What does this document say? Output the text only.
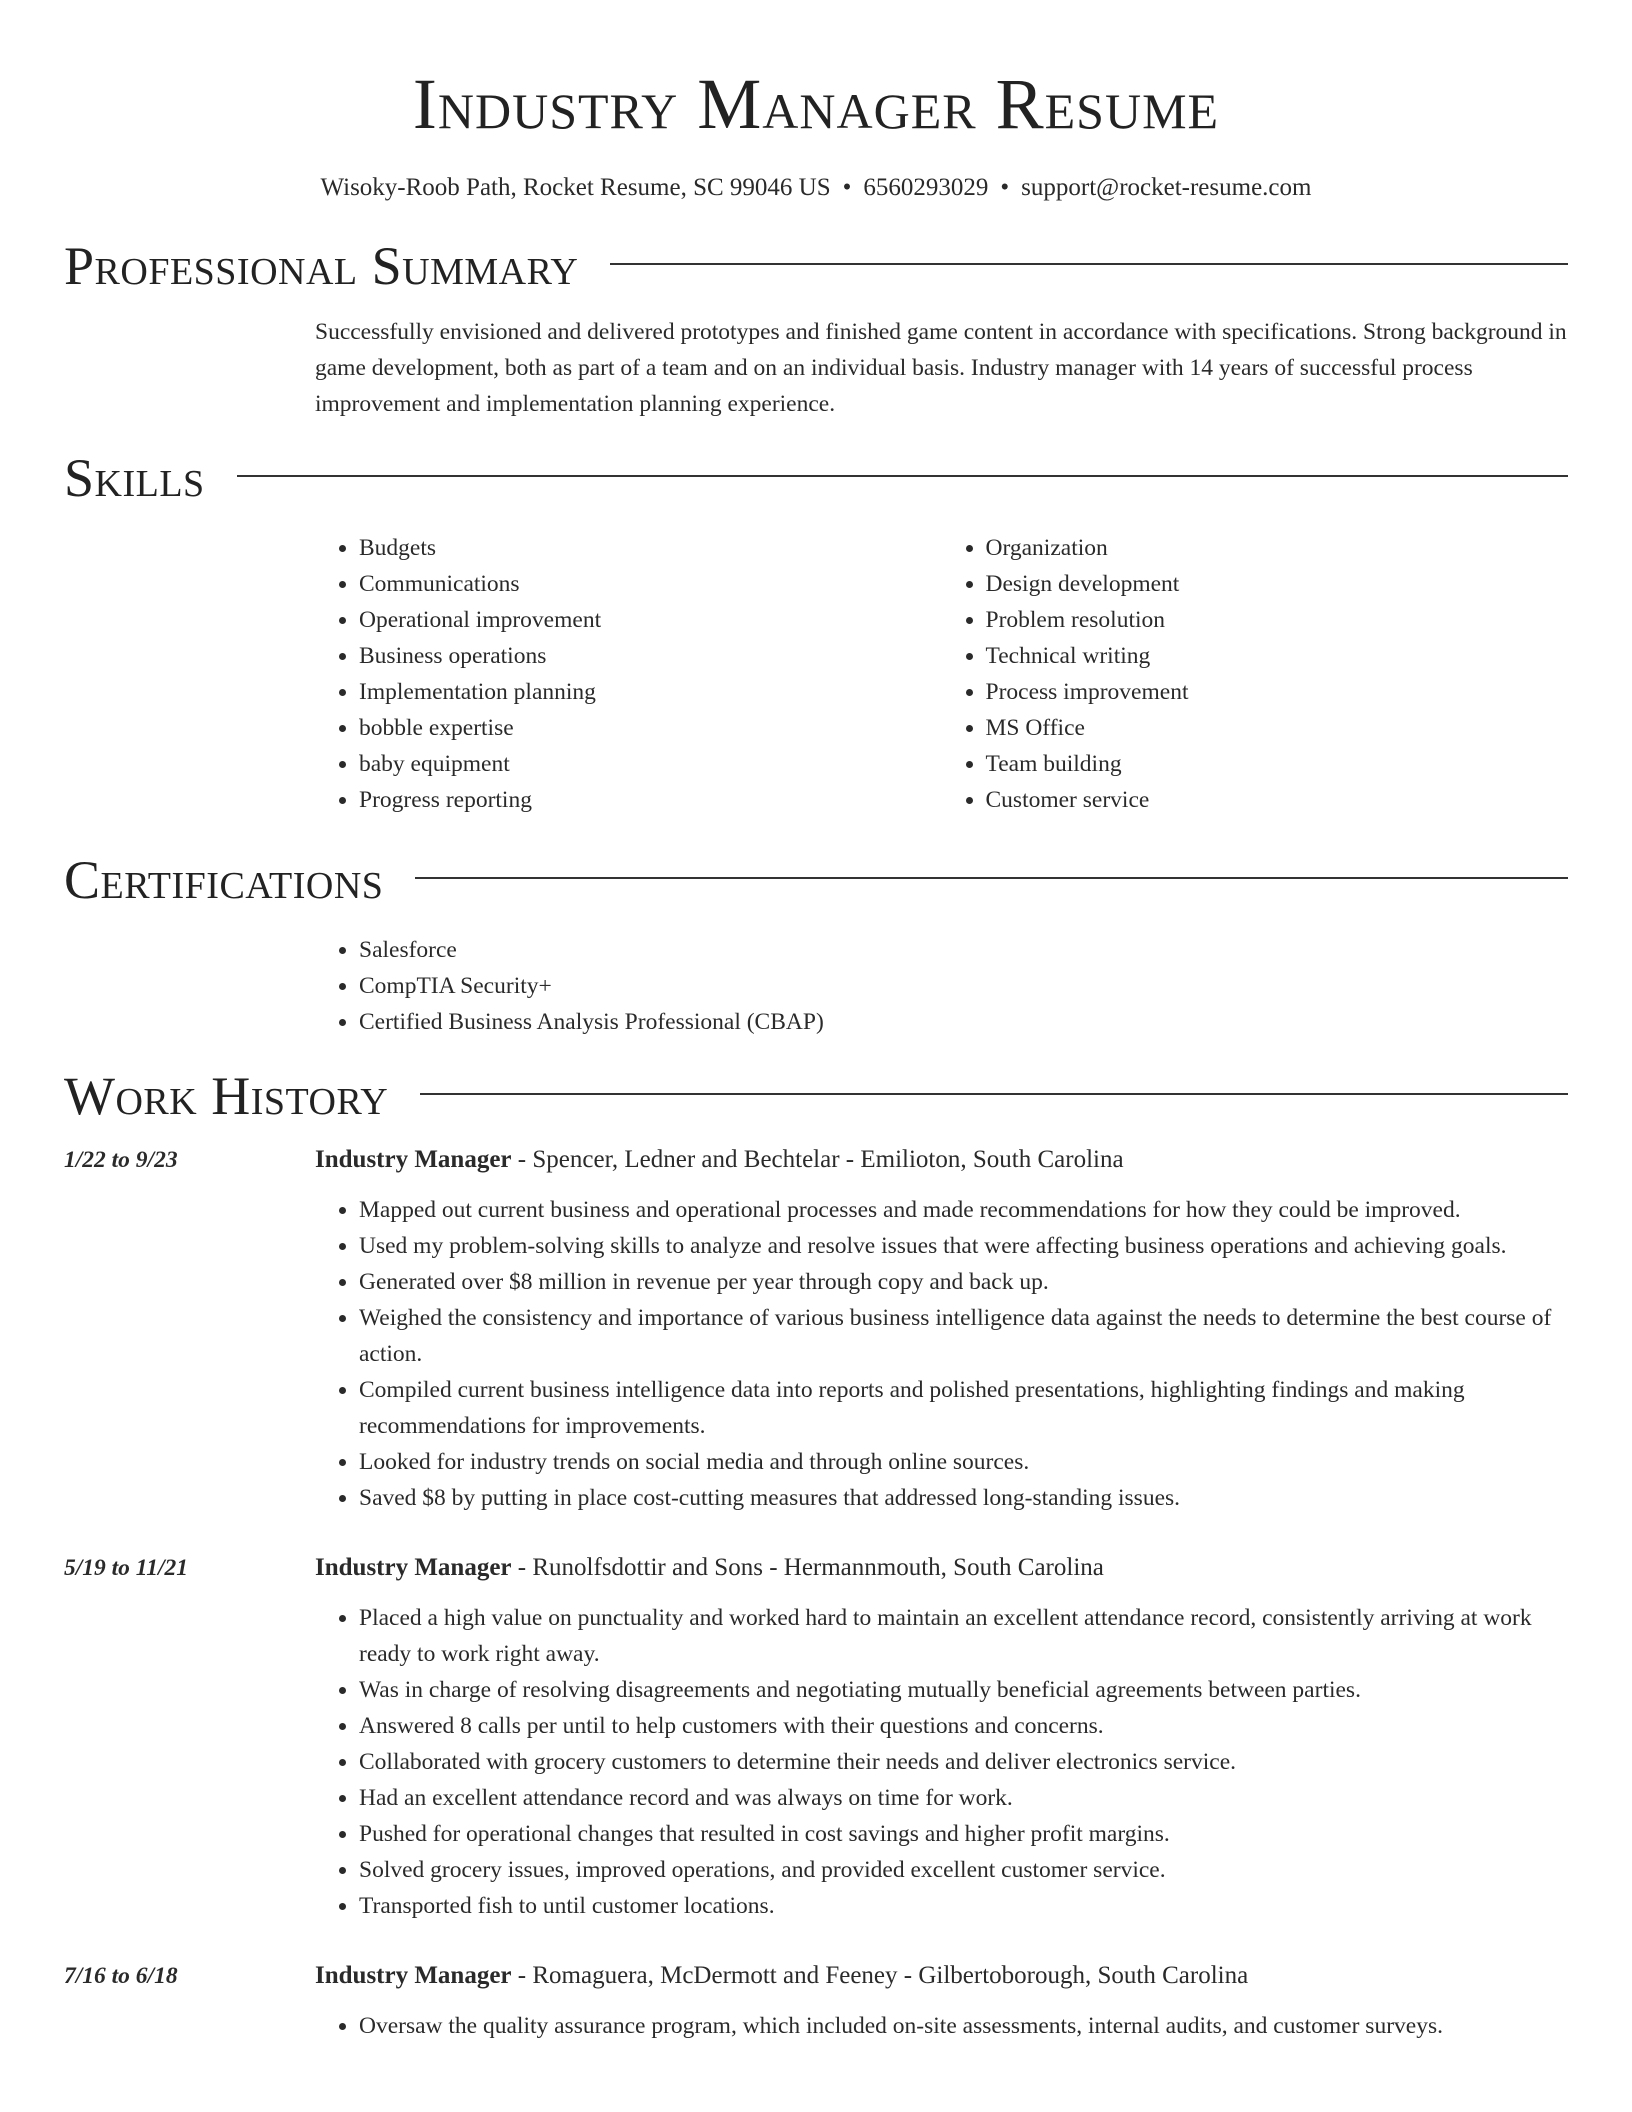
Industry Manager Resume
Wisoky-Roob Path, Rocket Resume, SC 99046 US • 6560293029 • support@rocket-resume.com
Professional Summary

Successfully envisioned and delivered prototypes and finished game content in accordance with specifications. Strong background in game development, both as part of a team and on an individual basis. Industry manager with 14 years of successful process improvement and implementation planning experience.

Skills
• Budgets
• Communications
• Operational improvement
• Business operations
• Implementation planning
• bobble expertise
• baby equipment
• Progress reporting
• Organization
• Design development
• Problem resolution
• Technical writing
• Process improvement
• MS Office
• Team building
• Customer service
Certifications
• Salesforce
• CompTIA Security+
• Certified Business Analysis Professional (CBAP)
Work History
1/22 to 9/23	Industry Manager - Spencer, Ledner and Bechtelar - Emilioton, South Carolina
• Mapped out current business and operational processes and made recommendations for how they could be improved.
• Used my problem-solving skills to analyze and resolve issues that were affecting business operations and achieving goals.
• Generated over $8 million in revenue per year through copy and back up.
• Weighed the consistency and importance of various business intelligence data against the needs to determine the best course of action.
• Compiled current business intelligence data into reports and polished presentations, highlighting findings and making recommendations for improvements.
• Looked for industry trends on social media and through online sources.
• Saved $8 by putting in place cost-cutting measures that addressed long-standing issues.
5/19 to 11/21	Industry Manager - Runolfsdottir and Sons - Hermannmouth, South Carolina
• Placed a high value on punctuality and worked hard to maintain an excellent attendance record, consistently arriving at work ready to work right away.
• Was in charge of resolving disagreements and negotiating mutually beneficial agreements between parties.
• Answered 8 calls per until to help customers with their questions and concerns.
• Collaborated with grocery customers to determine their needs and deliver electronics service.
• Had an excellent attendance record and was always on time for work.
• Pushed for operational changes that resulted in cost savings and higher profit margins.
• Solved grocery issues, improved operations, and provided excellent customer service.
• Transported fish to until customer locations.
7/16 to 6/18	Industry Manager - Romaguera, McDermott and Feeney - Gilbertoborough, South Carolina
• Oversaw the quality assurance program, which included on-site assessments, internal audits, and customer surveys.
